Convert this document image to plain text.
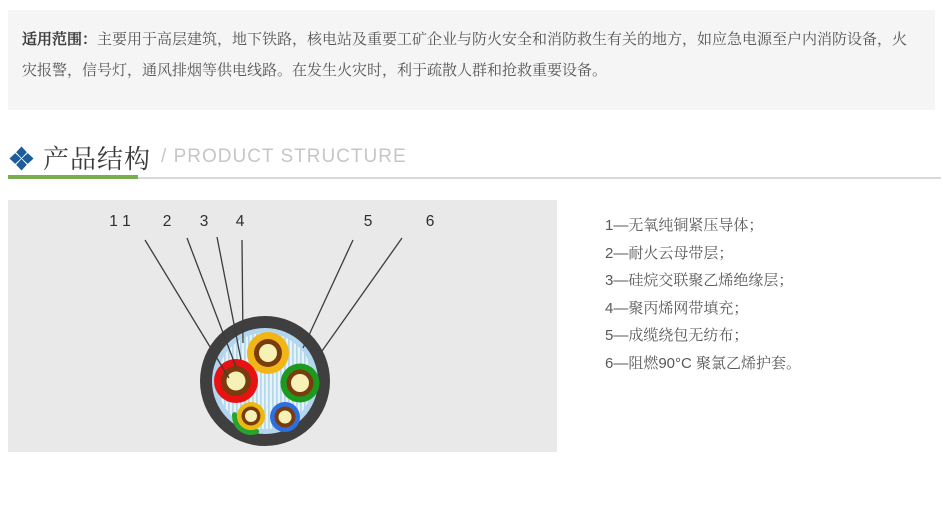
适用范围：主要用于高层建筑，地下铁路，核电站及重要工矿企业与防火安全和消防救生有关的地方，如应急电源至户内消防设备，火灾报警，信号灯，通风排烟等供电线路。在发生火灾时，利于疏散人群和抢救重要设备。
产品结构 / PRODUCT STRUCTURE
1 1 2 3 4	5	6	1—无氧纯铜紧压导体；
2—耐火云母带层；
3—硅烷交联聚乙烯绝缘层；
4—聚丙烯网带填充；
5—成缆绕包无纺布；
6—阻燃90°C 聚氯乙烯护套。
